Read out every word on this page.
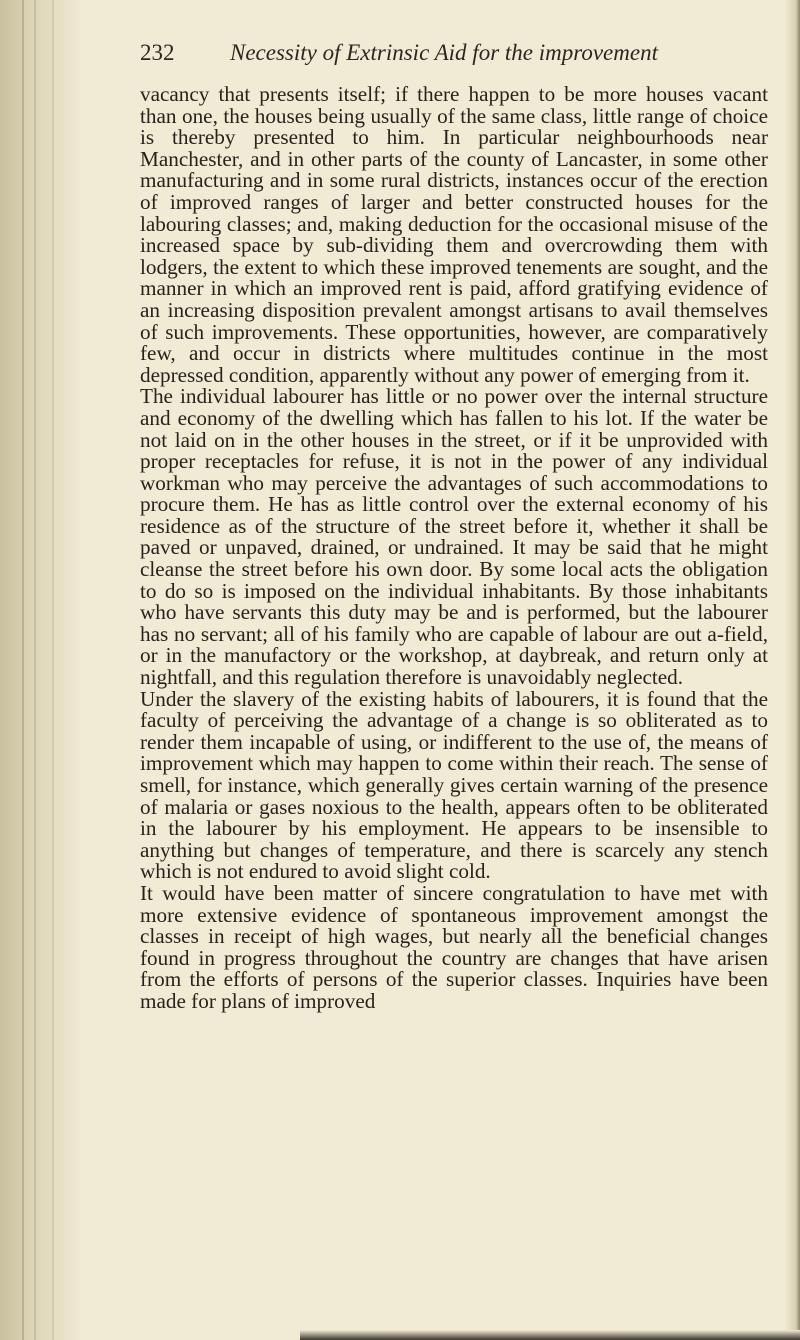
232 Necessity of Extrinsic Aid for the improvement

vacancy that presents itself; if there happen to be more houses vacant than one, the houses being usually of the same class, little range of choice is thereby presented to him. In particular neighbourhoods near Manchester, and in other parts of the county of Lancaster, in some other manufacturing and in some rural districts, instances occur of the erection of improved ranges of larger and better constructed houses for the labouring classes; and, making deduction for the occasional misuse of the increased space by sub-dividing them and overcrowding them with lodgers, the extent to which these improved tenements are sought, and the manner in which an improved rent is paid, afford gratifying evidence of an increasing disposition prevalent amongst artisans to avail themselves of such improvements. These opportunities, however, are comparatively few, and occur in districts where multitudes continue in the most depressed condition, apparently without any power of emerging from it.

The individual labourer has little or no power over the internal structure and economy of the dwelling which has fallen to his lot. If the water be not laid on in the other houses in the street, or if it be unprovided with proper receptacles for refuse, it is not in the power of any individual workman who may perceive the advantages of such accommodations to procure them. He has as little control over the external economy of his residence as of the structure of the street before it, whether it shall be paved or unpaved, drained, or undrained. It may be said that he might cleanse the street before his own door. By some local acts the obligation to do so is imposed on the individual inhabitants. By those inhabitants who have servants this duty may be and is performed, but the labourer has no servant; all of his family who are capable of labour are out a-field, or in the manufactory or the workshop, at daybreak, and return only at nightfall, and this regulation therefore is unavoidably neglected.

Under the slavery of the existing habits of labourers, it is found that the faculty of perceiving the advantage of a change is so obliterated as to render them incapable of using, or indifferent to the use of, the means of improvement which may happen to come within their reach. The sense of smell, for instance, which generally gives certain warning of the presence of malaria or gases noxious to the health, appears often to be obliterated in the labourer by his employment. He appears to be insensible to anything but changes of temperature, and there is scarcely any stench which is not endured to avoid slight cold.

It would have been matter of sincere congratulation to have met with more extensive evidence of spontaneous improvement amongst the classes in receipt of high wages, but nearly all the beneficial changes found in progress throughout the country are changes that have arisen from the efforts of persons of the superior classes. Inquiries have been made for plans of improved
